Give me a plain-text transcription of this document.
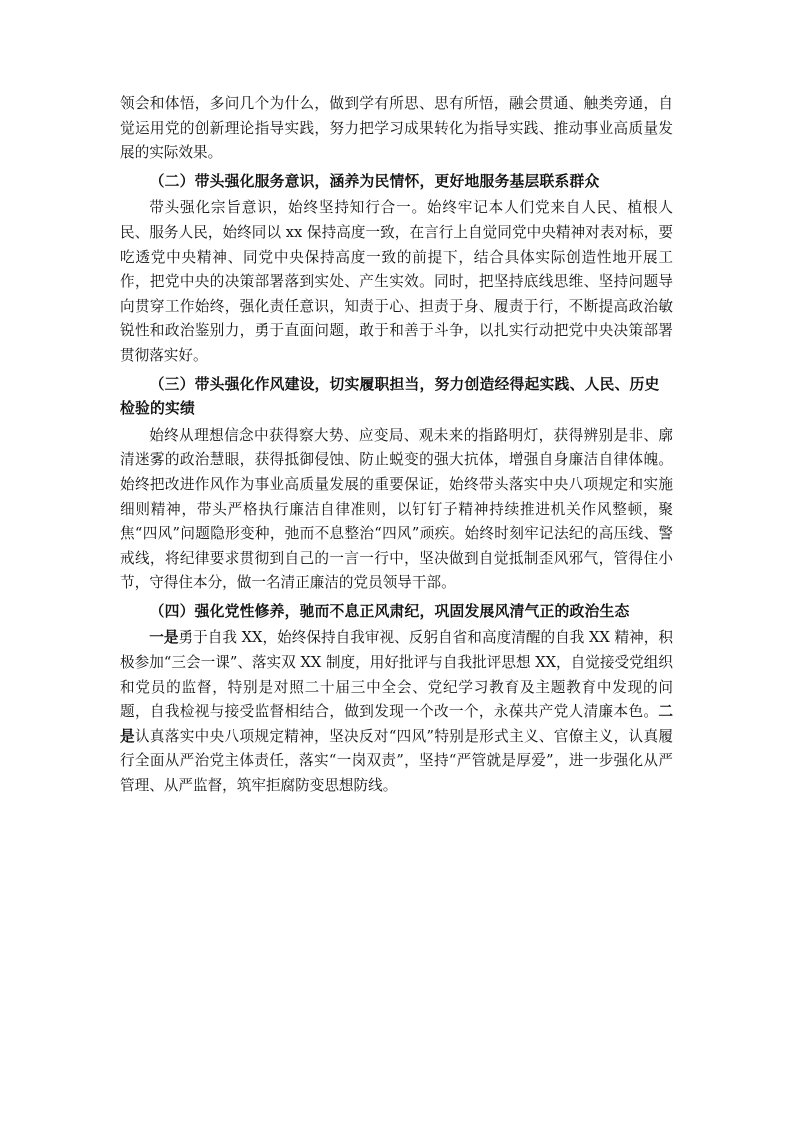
领会和体悟，多问几个为什么，做到学有所思、思有所悟，融会贯通、触类旁通，自觉运用党的创新理论指导实践，努力把学习成果转化为指导实践、推动事业高质量发展的实际效果。

（二）带头强化服务意识，涵养为民情怀，更好地服务基层联系群众

带头强化宗旨意识，始终坚持知行合一。始终牢记本人们党来自人民、植根人民、服务人民，始终同以 xx 保持高度一致，在言行上自觉同党中央精神对表对标，要吃透党中央精神、同党中央保持高度一致的前提下，结合具体实际创造性地开展工作，把党中央的决策部署落到实处、产生实效。同时，把坚持底线思维、坚持问题导向贯穿工作始终，强化责任意识，知责于心、担责于身、履责于行，不断提高政治敏锐性和政治鉴别力，勇于直面问题，敢于和善于斗争，以扎实行动把党中央决策部署贯彻落实好。

（三）带头强化作风建设，切实履职担当，努力创造经得起实践、人民、历史检验的实绩

始终从理想信念中获得察大势、应变局、观未来的指路明灯，获得辨别是非、廓清迷雾的政治慧眼，获得抵御侵蚀、防止蜕变的强大抗体，增强自身廉洁自律体魄。始终把改进作风作为事业高质量发展的重要保证，始终带头落实中央八项规定和实施细则精神，带头严格执行廉洁自律准则，以钉钉子精神持续推进机关作风整顿，聚焦“四风”问题隐形变种，弛而不息整治“四风”顽疾。始终时刻牢记法纪的高压线、警戒线，将纪律要求贯彻到自己的一言一行中，坚决做到自觉抵制歪风邪气，管得住小节，守得住本分，做一名清正廉洁的党员领导干部。

（四）强化党性修养，驰而不息正风肃纪，巩固发展风清气正的政治生态

一是勇于自我 XX，始终保持自我审视、反躬自省和高度清醒的自我 XX 精神，积极参加“三会一课”、落实双 XX 制度，用好批评与自我批评思想 XX，自觉接受党组织和党员的监督，特别是对照二十届三中全会、党纪学习教育及主题教育中发现的问题，自我检视与接受监督相结合，做到发现一个改一个，永葆共产党人清廉本色。二是认真落实中央八项规定精神，坚决反对“四风”特别是形式主义、官僚主义，认真履行全面从严治党主体责任，落实“一岗双责”，坚持“严管就是厚爱”，进一步强化从严管理、从严监督，筑牢拒腐防变思想防线。
